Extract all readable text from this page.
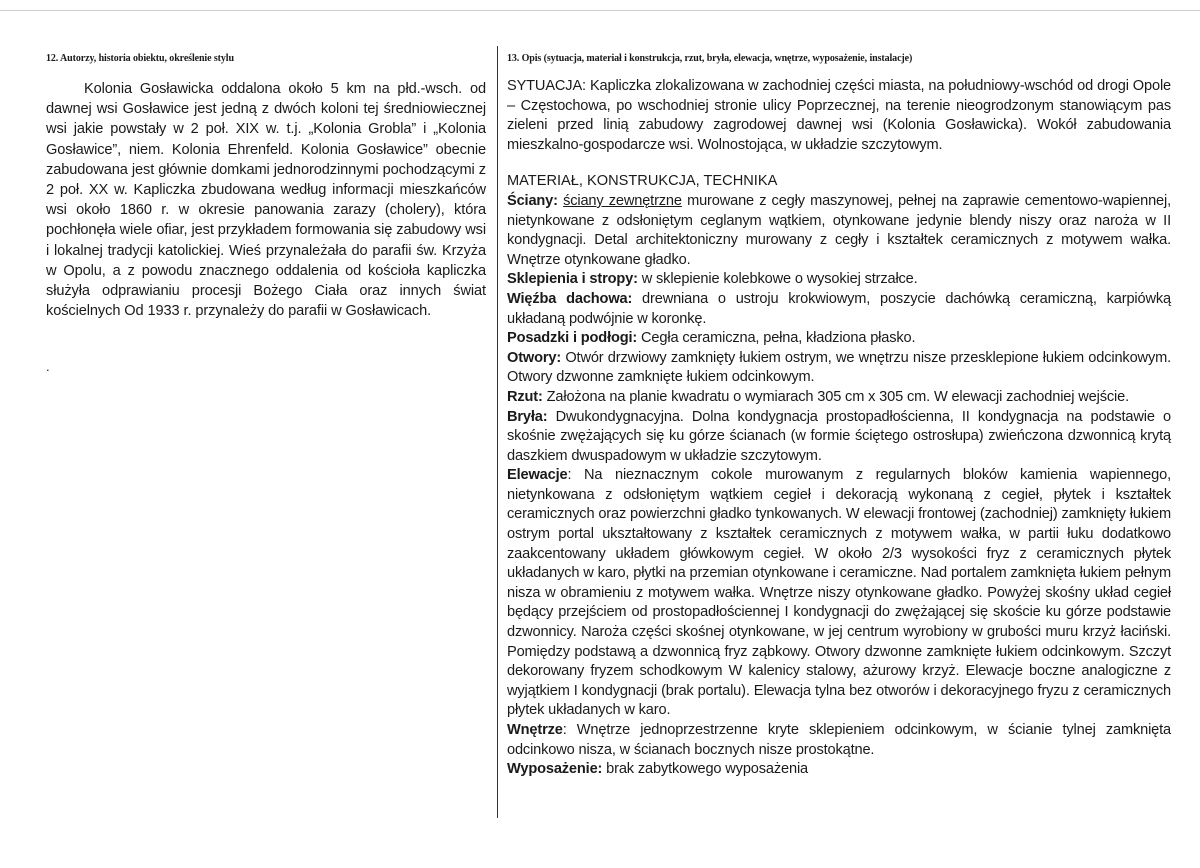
12. Autorzy, historia obiektu, określenie stylu
Kolonia Gosławicka oddalona około 5 km na płd.-wsch. od dawnej wsi Gosławice jest jedną z dwóch koloni tej średniowiecznej wsi jakie powstały w 2 poł. XIX w. t.j. „Kolonia Grobla” i „Kolonia Gosławice”, niem. Kolonia Ehrenfeld. Kolonia Gosławice” obecnie zabudowana jest głównie domkami jednorodzinnymi pochodzącymi z 2 poł. XX w. Kapliczka zbudowana według informacji mieszkańców wsi około 1860 r. w okresie panowania zarazy (cholery), która pochłonęła wiele ofiar, jest przykładem formowania się zabudowy wsi i lokalnej tradycji katolickiej. Wieś przynależała do parafii św. Krzyża w Opolu, a z powodu znacznego oddalenia od kościoła kapliczka służyła odprawianiu procesji Bożego Ciała oraz innych świat kościelnych Od 1933 r. przynależy do parafii w Gosławicach.
.
13. Opis (sytuacja, materiał i konstrukcja, rzut, bryła, elewacja, wnętrze, wyposażenie, instalacje)
SYTUACJA: Kapliczka zlokalizowana w zachodniej części miasta, na południowy-wschód od drogi Opole – Częstochowa, po wschodniej stronie ulicy Poprzecznej, na terenie nieogrodzonym stanowiącym pas zieleni przed linią zabudowy zagrodowej dawnej wsi (Kolonia Gosławicka). Wokół zabudowania mieszkalno-gospodarcze wsi. Wolnostojąca, w układzie szczytowym.
MATERIAŁ, KONSTRUKCJA, TECHNIKA
Ściany: ściany zewnętrzne murowane z cegły maszynowej, pełnej na zaprawie cementowo-wapiennej, nietynkowane z odsłoniętym ceglanym wątkiem, otynkowane jedynie blendy niszy oraz naroża w II kondygnacji. Detal architektoniczny murowany z cegły i kształtek ceramicznych z motywem wałka. Wnętrze otynkowane gładko.
Sklepienia i stropy: w sklepienie kolebkowe o wysokiej strzałce.
Więźba dachowa: drewniana o ustroju krokwiowym, poszycie dachówką ceramiczną, karpiówką układaną podwójnie w koronkę.
Posadzki i podłogi: Cegła ceramiczna, pełna, kładziona płasko.
Otwory: Otwór drzwiowy zamknięty łukiem ostrym, we wnętrzu nisze przesklepione łukiem odcinkowym. Otwory dzwonne zamknięte łukiem odcinkowym.
Rzut: Założona na planie kwadratu o wymiarach 305 cm x 305 cm. W elewacji zachodniej wejście.
Bryła: Dwukondygnacyjna. Dolna kondygnacja prostopadłościenna, II kondygnacja na podstawie o skośnie zwężających się ku górze ścianach (w formie ściętego ostrosłupa) zwieńczona dzwonnicą krytą daszkiem dwuspadowym w układzie szczytowym.
Elewacje: Na nieznacznym cokole murowanym z regularnych bloków kamienia wapiennego, nietynkowana z odsłoniętym wątkiem cegieł i dekoracją wykonaną z cegieł, płytek i kształtek ceramicznych oraz powierzchni gładko tynkowanych. W elewacji frontowej (zachodniej) zamknięty łukiem ostrym portal ukształtowany z kształtek ceramicznych z motywem wałka, w partii łuku dodatkowo zaakcentowany układem główkowym cegieł. W około 2/3 wysokości fryz z ceramicznych płytek układanych w karo, płytki na przemian otynkowane i ceramiczne. Nad portalem zamknięta łukiem pełnym nisza w obramieniu z motywem wałka. Wnętrze niszy otynkowane gładko. Powyżej skośny układ cegieł będący przejściem od prostopadłościennej I kondygnacji do zwężającej się skoście ku górze podstawie dzwonnicy. Naroża części skośnej otynkowane, w jej centrum wyrobiony w grubości muru krzyż łaciński. Pomiędzy podstawą a dzwonnicą fryz ząbkowy. Otwory dzwonne zamknięte łukiem odcinkowym. Szczyt dekorowany fryzem schodkowym W kalenicy stalowy, ażurowy krzyż. Elewacje boczne analogiczne z wyjątkiem I kondygnacji (brak portalu). Elewacja tylna bez otworów i dekoracyjnego fryzu z ceramicznych płytek układanych w karo.
Wnętrze: Wnętrze jednoprzestrzenne kryte sklepieniem odcinkowym, w ścianie tylnej zamknięta odcinkowo nisza, w ścianach bocznych nisze prostokątne.
Wyposażenie: brak zabytkowego wyposażenia
